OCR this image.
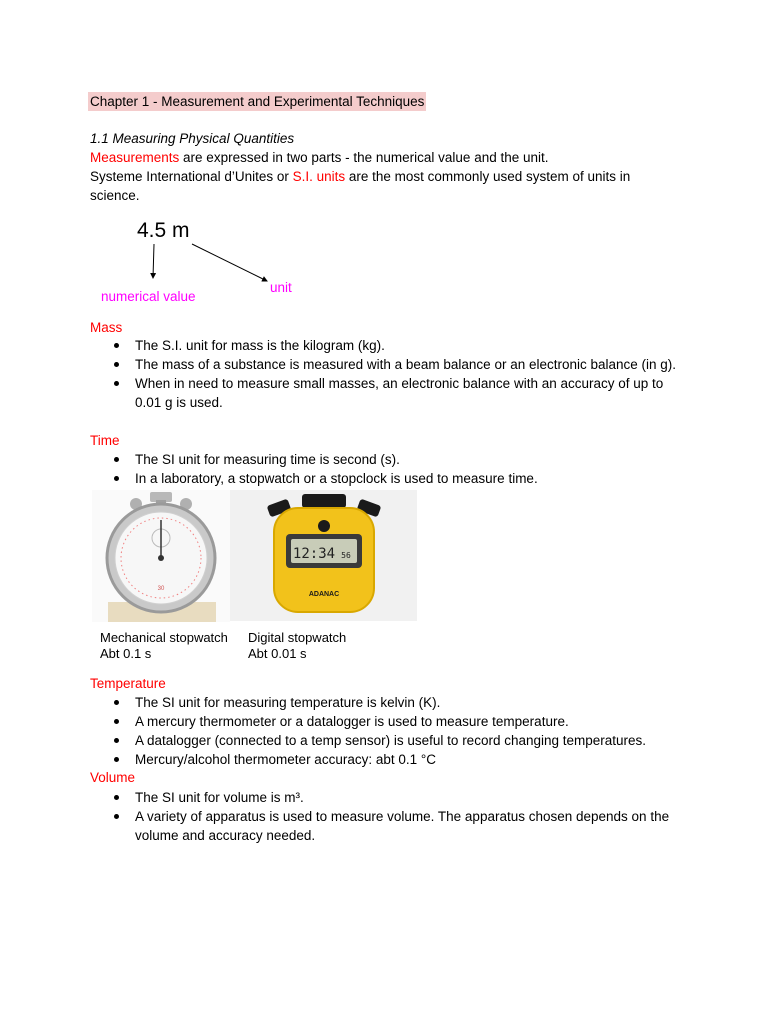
Chapter 1 - Measurement and Experimental Techniques
1.1 Measuring Physical Quantities
Measurements are expressed in two parts - the numerical value and the unit.
Systeme International d’Unites or S.I. units are the most commonly used system of units in
science.
4.5 m
numerical value
unit
Mass
The S.I. unit for mass is the kilogram (kg).
The mass of a substance is measured with a beam balance or an electronic balance (in g).
When in need to measure small masses, an electronic balance with an accuracy of up to 0.01 g is used.
Time
The SI unit for measuring time is second (s).
In a laboratory, a stopwatch or a stopclock is used to measure time.
30
12:34 56
ADANAC
Mechanical stopwatch
Abt 0.1 s
Digital stopwatch
Abt 0.01 s
Temperature
The SI unit for measuring temperature is kelvin (K).
A mercury thermometer or a datalogger is used to measure temperature.
A datalogger (connected to a temp sensor) is useful to record changing temperatures.
Mercury/alcohol thermometer accuracy: abt 0.1 °C
Volume
The SI unit for volume is m³.
A variety of apparatus is used to measure volume. The apparatus chosen depends on the volume and accuracy needed.
